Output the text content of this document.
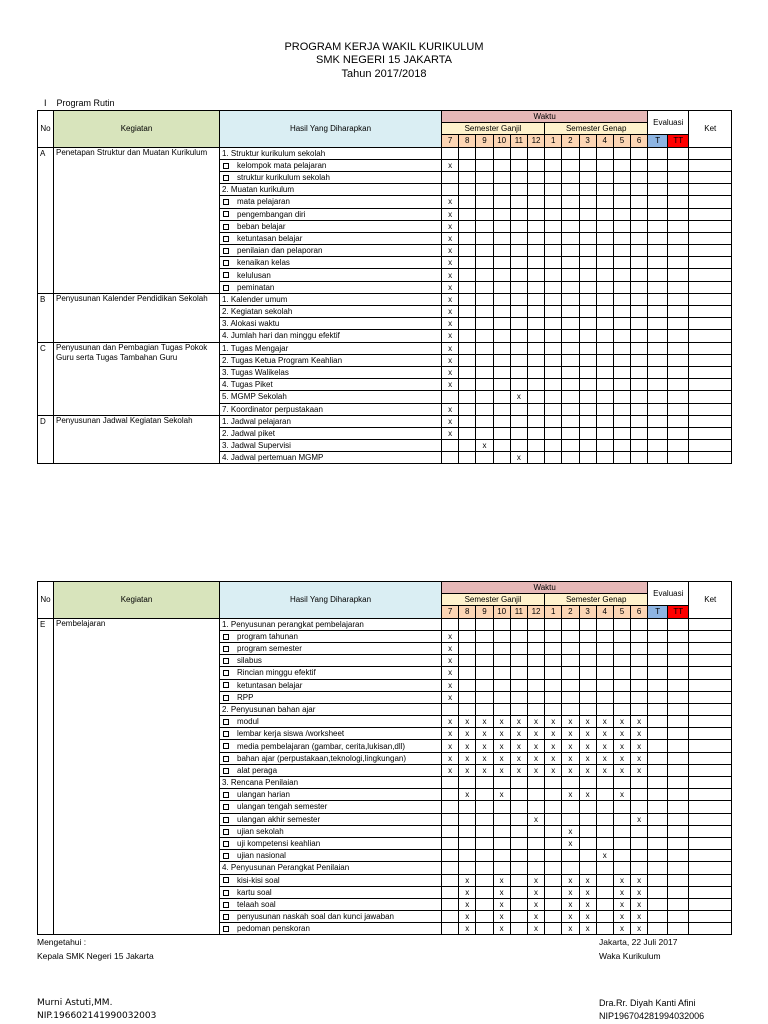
PROGRAM KERJA WAKIL KURIKULUM
SMK NEGERI 15 JAKARTA
Tahun 2017/2018
I Program Rutin
No	Kegiatan	Hasil Yang Diharapkan	Waktu												Evaluasi		Ket
			Semester Ganjil						Semester Genap								
			7	8	9	10	11	12	1	2	3	4	5	6	T	TT	
A	Penetapan Struktur dan Muatan Kurikulum	1. Struktur kurikulum sekolah															
		kelompok mata pelajaran	x														
		struktur kurikulum sekolah															
		2. Muatan kurikulum															
		mata pelajaran	x														
		pengembangan diri	x														
		beban belajar	x														
		ketuntasan belajar	x														
		penilaian dan pelaporan	x														
		kenaikan kelas	x														
		kelulusan	x														
		peminatan	x														
B	Penyusunan Kalender Pendidikan Sekolah	1. Kalender umum	x														
		2. Kegiatan sekolah	x														
		3. Alokasi waktu	x														
		4. Jumlah hari dan minggu efektif	x														
C	Penyusunan dan Pembagian Tugas Pokok Guru serta Tugas Tambahan Guru	1. Tugas Mengajar	x														
		2. Tugas Ketua Program Keahlian	x														
		3. Tugas Walikelas	x														
		4. Tugas Piket	x														
		5. MGMP Sekolah					x										
		7. Koordinator perpustakaan	x														
D	Penyusunan Jadwal Kegiatan Sekolah	1. Jadwal pelajaran	x														
		2. Jadwal piket	x														
		3. Jadwal Supervisi			x												
		4. Jadwal pertemuan MGMP					x										
No	Kegiatan	Hasil Yang Diharapkan	Waktu												Evaluasi		Ket
			Semester Ganjil						Semester Genap								
			7	8	9	10	11	12	1	2	3	4	5	6	T	TT	
E	Pembelajaran	1. Penyusunan perangkat pembelajaran															
		program tahunan	x														
		program semester	x														
		silabus	x														
		Rincian minggu efektif	x														
		ketuntasan belajar	x														
		RPP	x														
		2. Penyusunan bahan ajar															
		modul	x	x	x	x	x	x	x	x	x	x	x	x			
		lembar kerja siswa /worksheet	x	x	x	x	x	x	x	x	x	x	x	x			
		media pembelajaran (gambar, cerita,lukisan,dll)	x	x	x	x	x	x	x	x	x	x	x	x			
		bahan ajar (perpustakaan,teknologi,lingkungan)	x	x	x	x	x	x	x	x	x	x	x	x			
		alat peraga	x	x	x	x	x	x	x	x	x	x	x	x			
		3. Rencana Penilaian															
		ulangan harian		x		x				x	x		x				
		ulangan tengah semester															
		ulangan akhir semester						x						x			
		ujian sekolah								x							
		uji kompetensi keahlian								x							
		ujian nasional										x					
		4. Penyusunan Perangkat Penilaian															
		kisi-kisi soal		x		x		x		x	x		x	x			
		kartu soal		x		x		x		x	x		x	x			
		telaah soal		x		x		x		x	x		x	x			
		penyusunan naskah soal dan kunci jawaban		x		x		x		x	x		x	x			
		pedoman penskoran		x		x		x		x	x		x	x			
Mengetahui :
Kepala SMK Negeri 15 Jakarta
Murni Astuti,MM.
NIP.196602141990032003
Jakarta, 22 Juli 2017
Waka Kurikulum
Dra.Rr. Diyah Kanti Afini
NIP196704281994032006
